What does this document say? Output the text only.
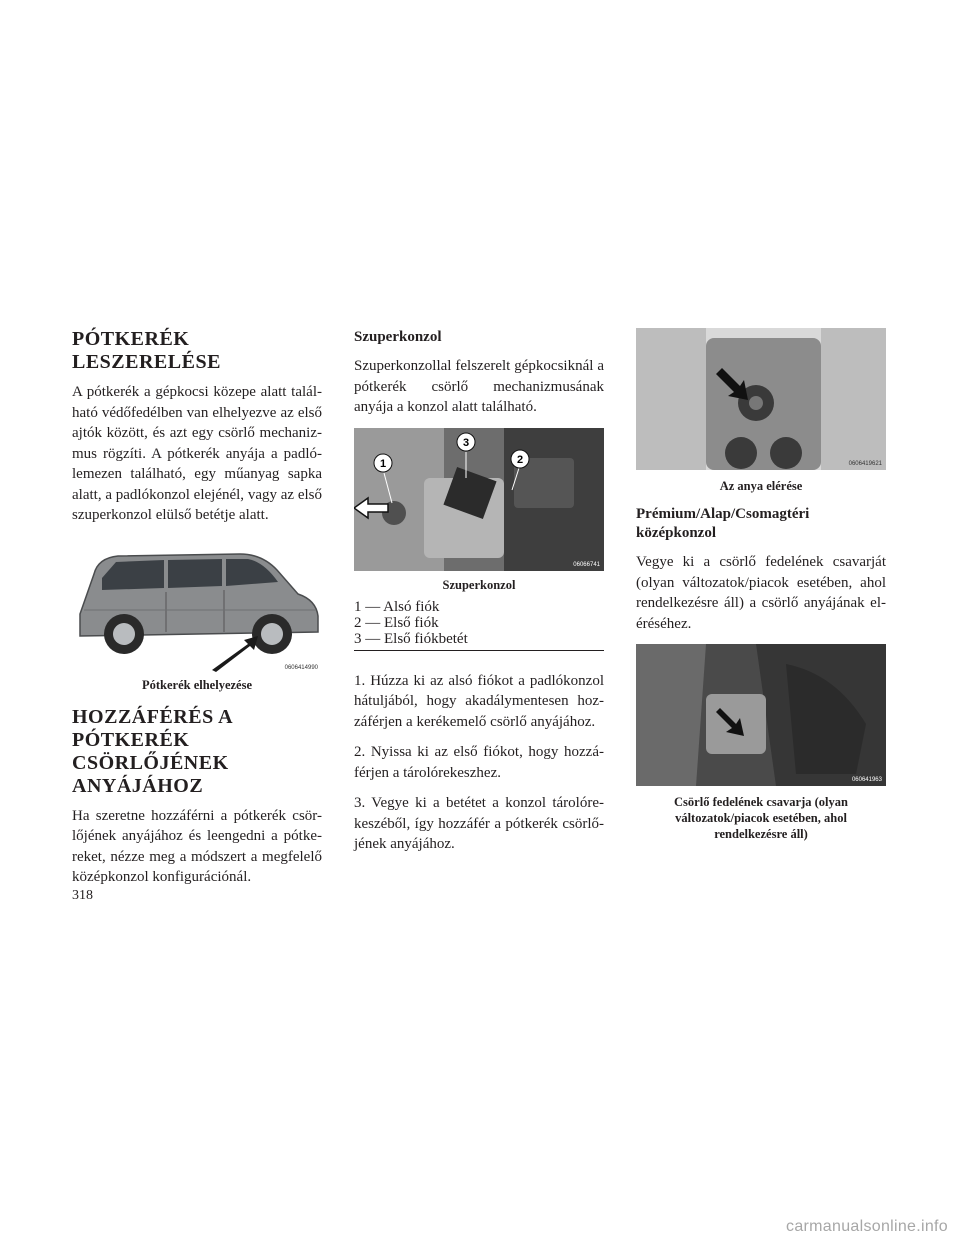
PÓTKERÉK LESZERELÉSE

A pótkerék a gépkocsi közepe alatt talál-ható védőfedélben van elhelyezve az első ajtók között, és azt egy csörlő mechaniz-mus rögzíti. A pótkerék anyája a padló-lemezen található, egy műanyag sapka alatt, a padlókonzol elejénél, vagy az első szuperkonzol elülső betétje alatt.

0606414990
Pótkerék elhelyezése
HOZZÁFÉRÉS A PÓTKERÉK CSÖRLŐJÉNEK ANYÁJÁHOZ

Ha szeretne hozzáférni a pótkerék csör-lőjének anyájához és leengedni a pótke-reket, nézze meg a módszert a megfelelő középkonzol konfigurációnál.

Szuperkonzol

Szuperkonzollal felszerelt gépkocsiknál a pótkerék csörlő mechanizmusának anyája a konzol alatt található.

1
3
2
06066741
Szuperkonzol
1 — Alsó fiók
2 — Első fiók
3 — Első fiókbetét

1. Húzza ki az alsó fiókot a padlókonzol hátuljából, hogy akadálymentesen hoz-záférjen a kerékemelő csörlő anyájához.

2. Nyissa ki az első fiókot, hogy hozzá-férjen a tárolórekeszhez.

3. Vegye ki a betétet a konzol tárolóre-keszéből, így hozzáfér a pótkerék csörlő-jének anyájához.

0606419621
Az anya elérése
Prémium/Alap/Csomagtéri középkonzol

Vegye ki a csörlő fedelének csavarját (olyan változatok/piacok esetében, ahol rendelkezésre áll) a csörlő anyájának el-éréséhez.

06064196​3
Csörlő fedelének csavarja (olyan változatok/piacok esetében, ahol rendelkezésre áll)
318
carmanualsonline.info
